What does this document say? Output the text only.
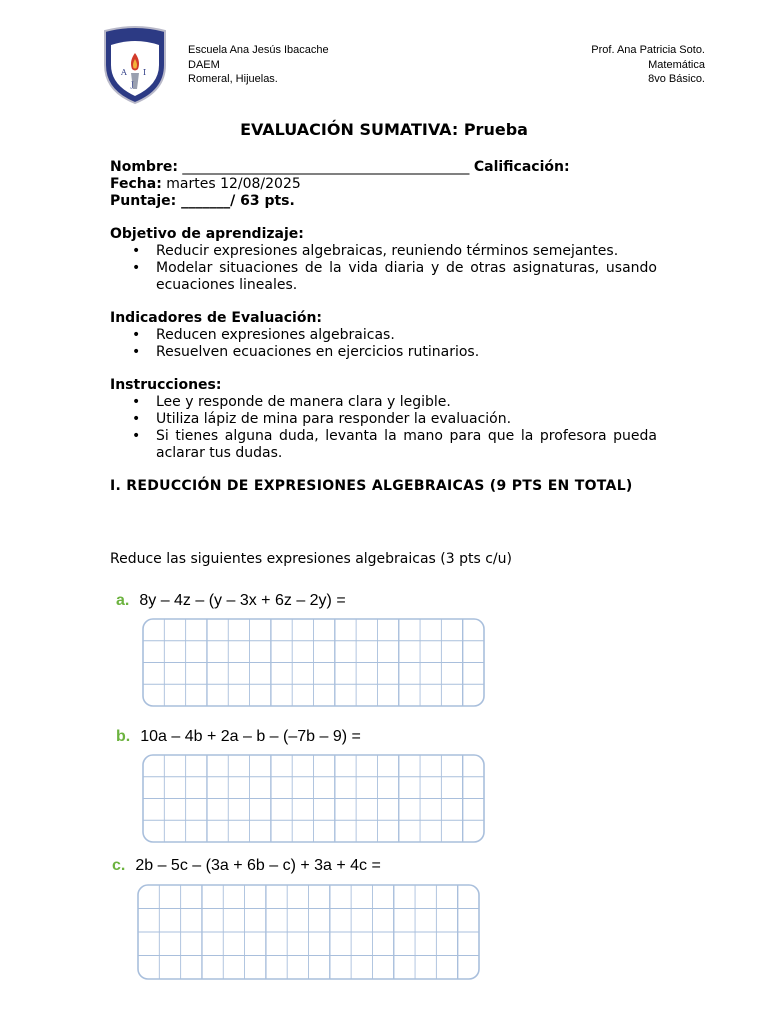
A I
J
Escuela Ana Jesús Ibacache
DAEM
Romeral, Hijuelas.
Prof. Ana Patricia Soto.
Matemática
8vo Básico.
EVALUACIÓN SUMATIVA: Prueba
Nombre: _________________________________________ Calificación:
Fecha: martes 12/08/2025
Puntaje: _______/ 63 pts.
Objetivo de aprendizaje:
• Reducir expresiones algebraicas, reuniendo términos semejantes.
• Modelar situaciones de la vida diaria y de otras asignaturas, usando ecuaciones lineales.
Indicadores de Evaluación:
• Reducen expresiones algebraicas.
• Resuelven ecuaciones en ejercicios rutinarios.
Instrucciones:
• Lee y responde de manera clara y legible.
• Utiliza lápiz de mina para responder la evaluación.
• Si tienes alguna duda, levanta la mano para que la profesora pueda aclarar tus dudas.
I. REDUCCIÓN DE EXPRESIONES ALGEBRAICAS (9 PTS EN TOTAL)
Reduce las siguientes expresiones algebraicas (3 pts c/u)
a. 8y – 4z – (y – 3x + 6z – 2y) =
b. 10a – 4b + 2a – b – (–7b – 9) =
c. 2b – 5c – (3a + 6b – c) + 3a + 4c =
